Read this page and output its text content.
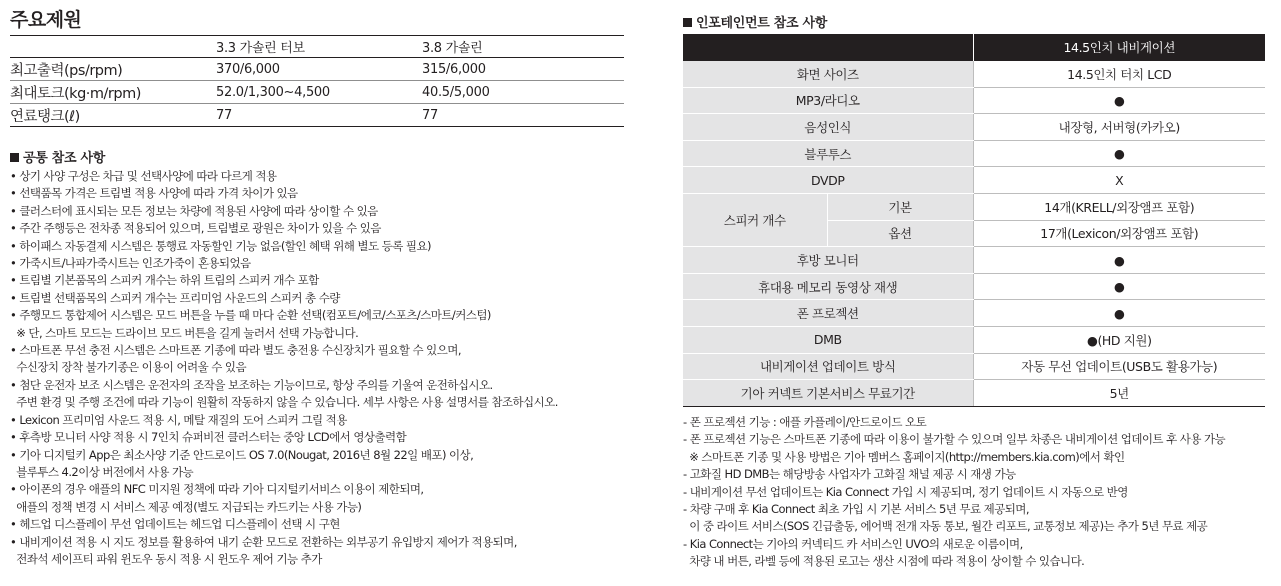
주요제원
	3.3 가솔린 터보	3.8 가솔린
최고출력(ps/rpm)	370/6,000	315/6,000
최대토크(kg·m/rpm)	52.0/1,300~4,500	40.5/5,000
연료탱크(ℓ)	77	77
공통 참조 사항
• 상기 사양 구성은 차급 및 선택사양에 따라 다르게 적용
• 선택품목 가격은 트림별 적용 사양에 따라 가격 차이가 있음
• 클러스터에 표시되는 모든 정보는 차량에 적용된 사양에 따라 상이할 수 있음
• 주간 주행등은 전차종 적용되어 있으며, 트림별로 광원은 차이가 있을 수 있음
• 하이패스 자동결제 시스템은 통행료 자동할인 기능 없음(할인 혜택 위해 별도 등록 필요)
• 가죽시트/나파가죽시트는 인조가죽이 혼용되었음
• 트림별 기본품목의 스피커 개수는 하위 트림의 스피커 개수 포함
• 트림별 선택품목의 스피커 개수는 프리미엄 사운드의 스피커 총 수량
• 주행모드 통합제어 시스템은 모드 버튼을 누를 때 마다 순환 선택(컴포트/에코/스포츠/스마트/커스텀)
※ 단, 스마트 모드는 드라이브 모드 버튼을 길게 눌러서 선택 가능합니다.
• 스마트폰 무선 충전 시스템은 스마트폰 기종에 따라 별도 충전용 수신장치가 필요할 수 있으며,
수신장치 장착 불가기종은 이용이 어려울 수 있음
• 첨단 운전자 보조 시스템은 운전자의 조작을 보조하는 기능이므로, 항상 주의를 기울여 운전하십시오.
주변 환경 및 주행 조건에 따라 기능이 원활히 작동하지 않을 수 있습니다. 세부 사항은 사용 설명서를 참조하십시오.
• Lexicon 프리미엄 사운드 적용 시, 메탈 재질의 도어 스피커 그릴 적용
• 후측방 모니터 사양 적용 시 7인치 슈퍼비전 클러스터는 중앙 LCD에서 영상출력함
• 기아 디지털키 App은 최소사양 기준 안드로이드 OS 7.0(Nougat, 2016년 8월 22일 배포) 이상,
블루투스 4.2이상 버전에서 사용 가능
• 아이폰의 경우 애플의 NFC 미지원 정책에 따라 기아 디지털키서비스 이용이 제한되며,
애플의 정책 변경 시 서비스 제공 예정(별도 지급되는 카드키는 사용 가능)
• 헤드업 디스플레이 무선 업데이트는 헤드업 디스플레이 선택 시 구현
• 내비게이션 적용 시 지도 정보를 활용하여 내기 순환 모드로 전환하는 외부공기 유입방지 제어가 적용되며,
전좌석 세이프티 파워 윈도우 동시 적용 시 윈도우 제어 기능 추가
인포테인먼트 참조 사항
		14.5인치 내비게이션
화면 사이즈		14.5인치 터치 LCD
MP3/라디오		●
음성인식		내장형, 서버형(카카오)
블루투스		●
DVDP		X
스피커 개수	기본	14개(KRELL/외장앰프 포함)
	옵션	17개(Lexicon/외장앰프 포함)
후방 모니터		●
휴대용 메모리 동영상 재생		●
폰 프로젝션		●
DMB		●(HD 지원)
내비게이션 업데이트 방식		자동 무선 업데이트(USB도 활용가능)
기아 커넥트 기본서비스 무료기간		5년
- 폰 프로젝션 기능 : 애플 카플레이/안드로이드 오토
- 폰 프로젝션 기능은 스마트폰 기종에 따라 이용이 불가할 수 있으며 일부 차종은 내비게이션 업데이트 후 사용 가능
※ 스마트폰 기종 및 사용 방법은 기아 멤버스 홈페이지(http://members.kia.com)에서 확인
- 고화질 HD DMB는 해당방송 사업자가 고화질 채널 제공 시 재생 가능
- 내비게이션 무선 업데이트는 Kia Connect 가입 시 제공되며, 정기 업데이트 시 자동으로 반영
- 차량 구매 후 Kia Connect 최초 가입 시 기본 서비스 5년 무료 제공되며,
이 중 라이트 서비스(SOS 긴급출동, 에어백 전개 자동 통보, 월간 리포트, 교통정보 제공)는 추가 5년 무료 제공
- Kia Connect는 기아의 커넥티드 카 서비스인 UVO의 새로운 이름이며,
차량 내 버튼, 라벨 등에 적용된 로고는 생산 시점에 따라 적용이 상이할 수 있습니다.
